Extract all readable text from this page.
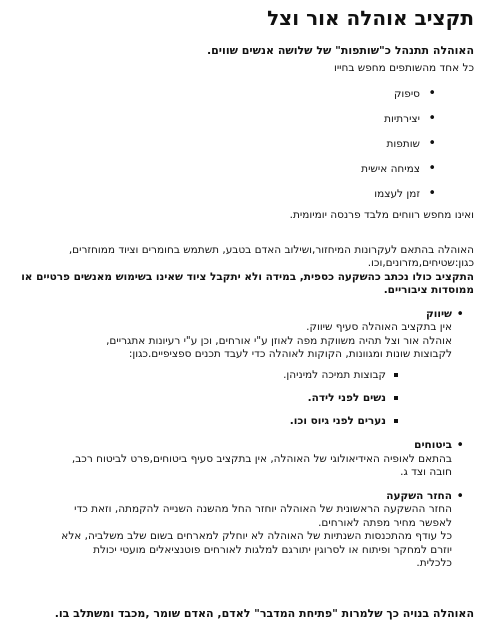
תקציב אוהלה אור וצל

האוהלה תתנהל כ"שותפות" של שלושה אנשים שווים.

כל אחד מהשותפים מחפש בחייו

• סיפוק
• יצירתיות
• שותפות
• צמיחה אישית
• זמן לעצמו

ואינו מחפש רווחים מלבד פרנסה יומיומית.

האוהלה בהתאם לעקרונות המיחזור,ושילוב האדם בטבע, תשתמש בחומרים וציוד ממוחזרים, כגון:שטיחים,מזרונים,וכו.

התקציב כולו נכתב כהשקעה כספית, במידה ולא יתקבל ציוד שאינו בשימוש מאנשים פרטיים או ממוסדות ציבוריים.

• שיווק

אין בתקציב האוהלה סעיף שיווק.

אוהלה אור וצל תהיה משווקת מפה לאוזן ע"י אורחים, וכן ע"י רעיונות אתגריים,

לקבוצות שונות ומגוונות, הקוקות לאוהלה כדי לעבד תכנים ספציפיים.כגון:

קבוצות תמיכה למיניהן.
נשים לפני לידה.
נערים לפני גיוס וכו.
• ביטוחים

בהתאם לאופיה האידיאולוגי של האוהלה, אין בתקציב סעיף ביטוחים,פרט לביטוח רכב,

חובה וצד ג.

• החזר השקעה

החזר ההשקעה הראשונית של האוהלה יוחזר החל מהשנה השנייה להקמתה, וזאת כדי

לאפשר מחיר מפתה לאורחים.

כל עודף מהתכנסות השנתיות של האוהלה לא יוחלק למארחים בשום שלב משלביה, אלא

יוזרם למחקר ופיתוח או לסרוגין יתורגם למלגות לאורחים פוטנציאלים מועטי יכולת

כלכלית.

האוהלה בנויה כך שלמרות "פתיחת המדבר" לאדם, האדם שומר ,מכבד ומשתלב בו.
